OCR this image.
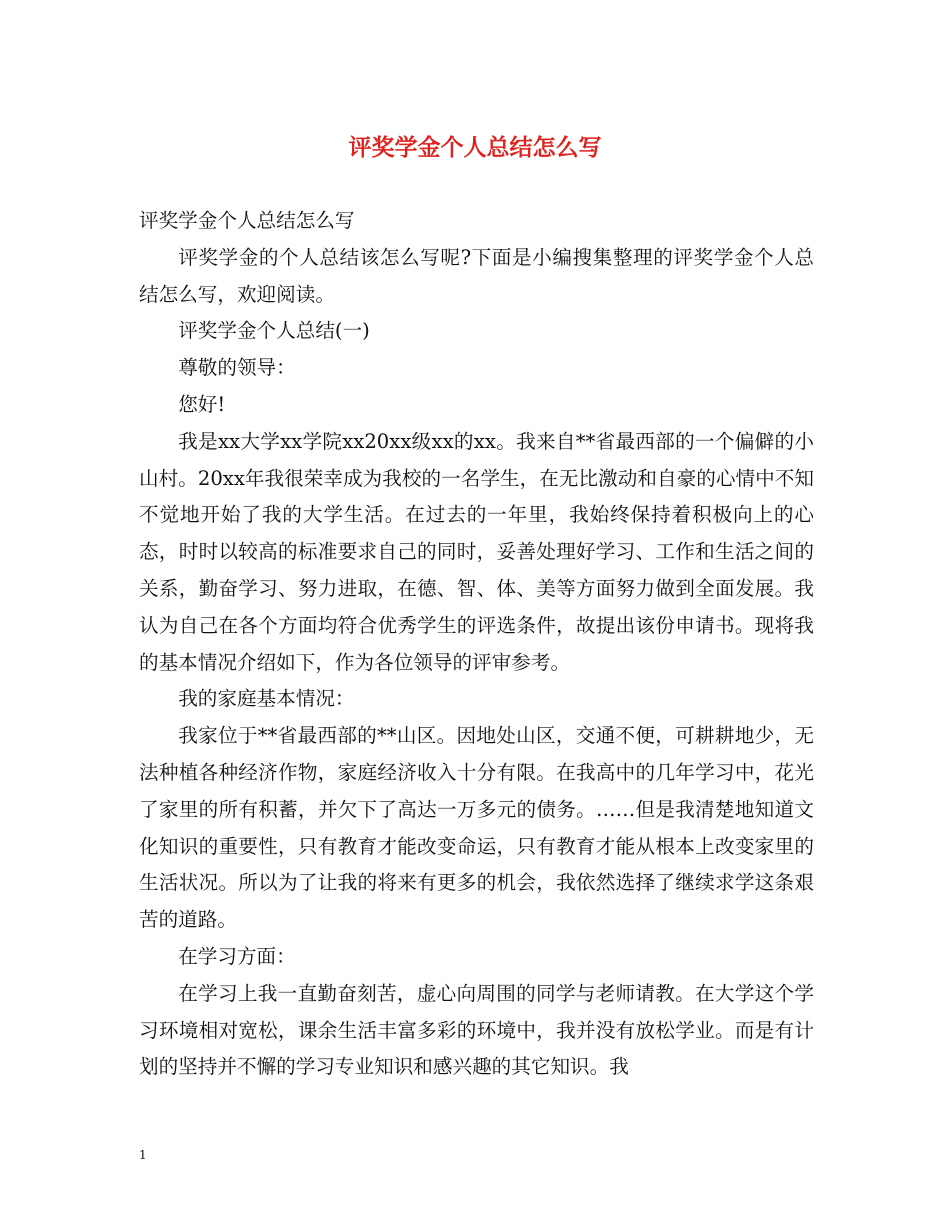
评奖学金个人总结怎么写

评奖学金个人总结怎么写

评奖学金的个人总结该怎么写呢?下面是小编搜集整理的评奖学金个人总结怎么写，欢迎阅读。

评奖学金个人总结(一)

尊敬的领导：

您好!

我是xx大学xx学院xx20xx级xx的xx。我来自**省最西部的一个偏僻的小山村。20xx年我很荣幸成为我校的一名学生，在无比激动和自豪的心情中不知不觉地开始了我的大学生活。在过去的一年里，我始终保持着积极向上的心态，时时以较高的标准要求自己的同时，妥善处理好学习、工作和生活之间的关系，勤奋学习、努力进取，在德、智、体、美等方面努力做到全面发展。我认为自己在各个方面均符合优秀学生的评选条件，故提出该份申请书。现将我的基本情况介绍如下，作为各位领导的评审参考。

我的家庭基本情况：

我家位于**省最西部的**山区。因地处山区，交通不便，可耕耕地少，无法种植各种经济作物，家庭经济收入十分有限。在我高中的几年学习中，花光了家里的所有积蓄，并欠下了高达一万多元的债务。……但是我清楚地知道文化知识的重要性，只有教育才能改变命运，只有教育才能从根本上改变家里的生活状况。所以为了让我的将来有更多的机会，我依然选择了继续求学这条艰苦的道路。

在学习方面：

在学习上我一直勤奋刻苦，虚心向周围的同学与老师请教。在大学这个学习环境相对宽松，课余生活丰富多彩的环境中，我并没有放松学业。而是有计划的坚持并不懈的学习专业知识和感兴趣的其它知识。我

1
